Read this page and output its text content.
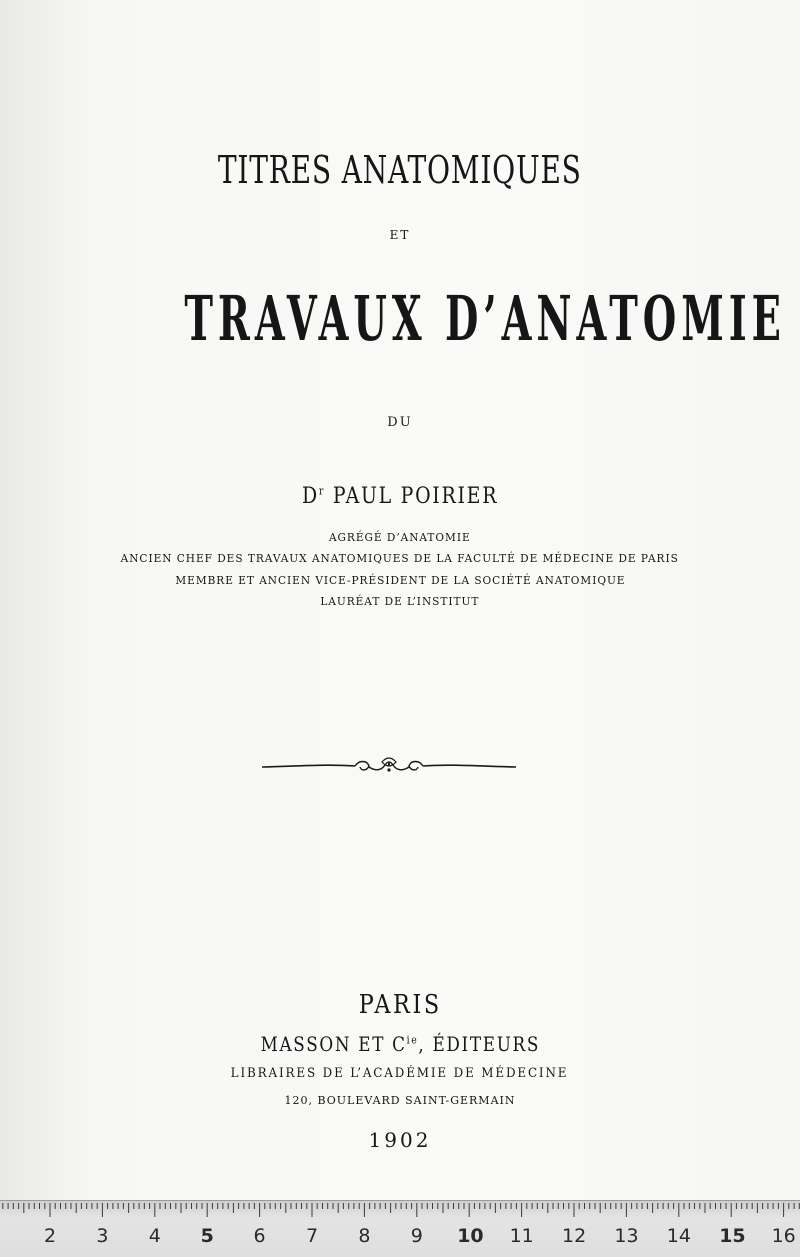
TITRES ANATOMIQUES
ET
TRAVAUX D’ANATOMIE
DU
$D^r$ PAUL POIRIER
AGRÉGÉ D’ANATOMIE
ANCIEN CHEF DES TRAVAUX ANATOMIQUES DE LA FACULTÉ DE MÉDECINE DE PARIS
MEMBRE ET ANCIEN VICE-PRÉSIDENT DE LA SOCIÉTÉ ANATOMIQUE
LAURÉAT DE L’INSTITUT
PARIS
MASSON ET $C^{ie}$, ÉDITEURS
LIBRAIRES DE L’ACADÉMIE DE MÉDECINE
120, BOULEVARD SAINT-GERMAIN
1902
2	3	4	5	6	7	8	9	10 11 12 13 14 15 16
